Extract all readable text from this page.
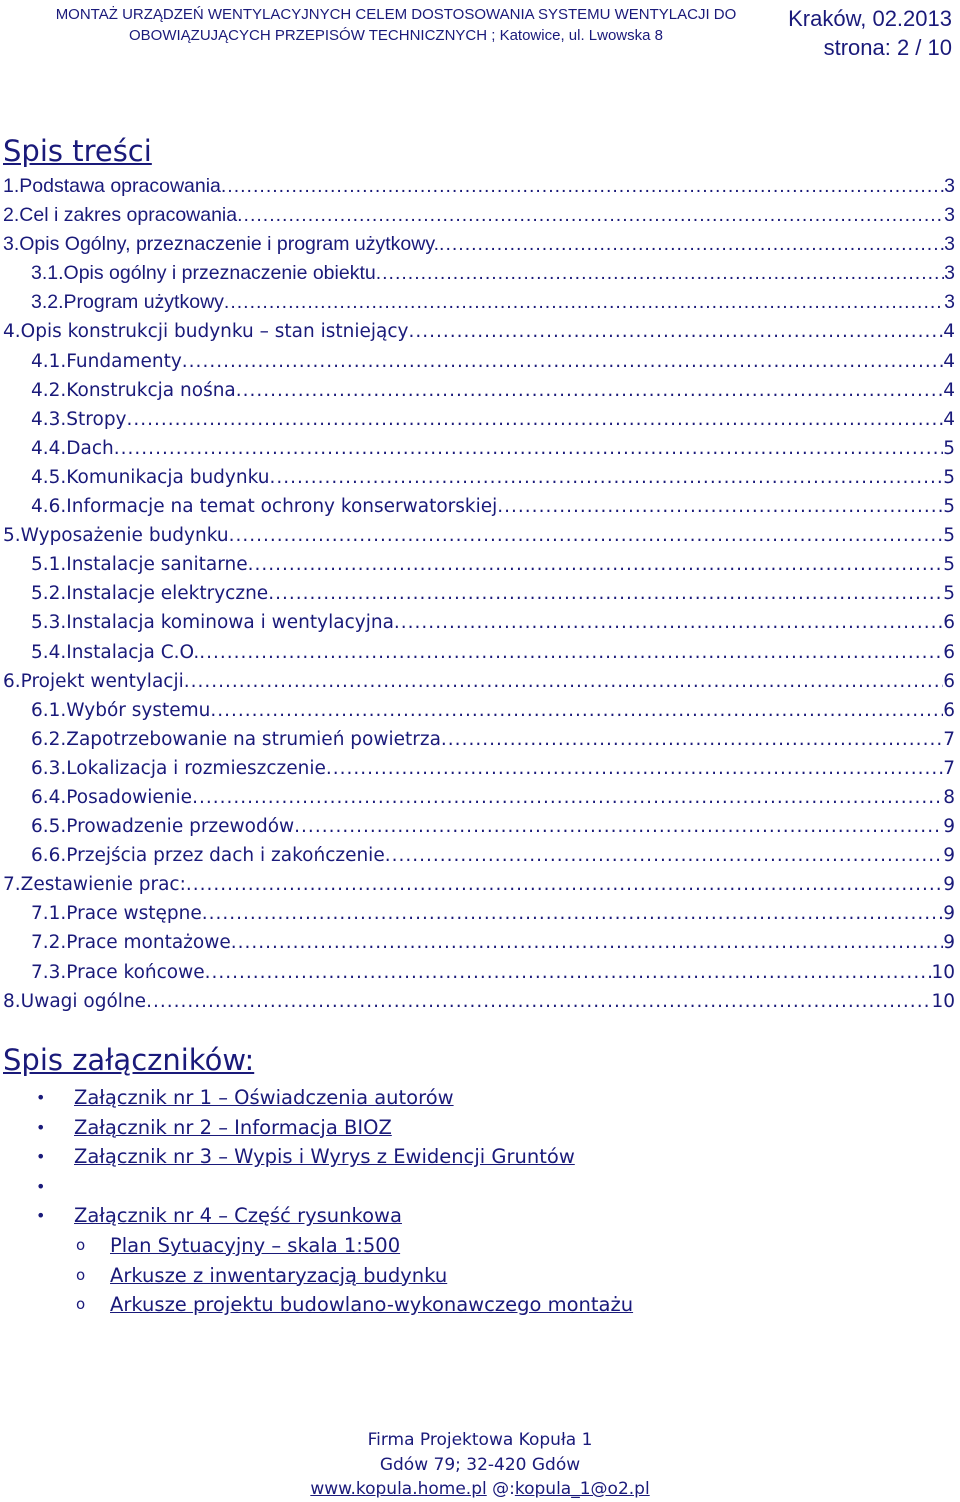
MONTAŻ URZĄDZEŃ WENTYLACYJNYCH CELEM DOSTOSOWANIA SYSTEMU WENTYLACJI DO
OBOWIĄZUJĄCYCH PRZEPISÓW TECHNICZNYCH ; Katowice, ul. Lwowska 8
Kraków, 02.2013
strona: 2 / 10
Spis treści
1.Podstawa opracowania .....	3
2.Cel i zakres opracowania .....	3
3.Opis Ogólny, przeznaczenie i program użytkowy. .....	3
3.1.Opis ogólny i przeznaczenie obiektu .....	3
3.2.Program użytkowy .....	3
4.Opis konstrukcji budynku – stan istniejący .....	4
4.1.Fundamenty .....	4
4.2.Konstrukcja nośna .....	4
4.3.Stropy .....	4
4.4.Dach .....	5
4.5.Komunikacja budynku .....	5
4.6.Informacje na temat ochrony konserwatorskiej .....	5
5.Wyposażenie budynku .....	5
5.1.Instalacje sanitarne .....	5
5.2.Instalacje elektryczne .....	5
5.3.Instalacja kominowa i wentylacyjna .....	6
5.4.Instalacja C.O. .....	6
6.Projekt wentylacji .....	6
6.1.Wybór systemu .....	6
6.2.Zapotrzebowanie na strumień powietrza .....	7
6.3.Lokalizacja i rozmieszczenie .....	7
6.4.Posadowienie .....	8
6.5.Prowadzenie przewodów .....	9
6.6.Przejścia przez dach i zakończenie .....	9
7.Zestawienie prac: .....	9
7.1.Prace wstępne .....	9
7.2.Prace montażowe .....	9
7.3.Prace końcowe .....	10
8.Uwagi ogólne .....	10
Spis załączników:
• Załącznik nr 1 – Oświadczenia autorów
• Załącznik nr 2 – Informacja BIOZ
• Załącznik nr 3 – Wypis i Wyrys z Ewidencji Gruntów
•
• Załącznik nr 4 – Część rysunkowa
o Plan Sytuacyjny – skala 1:500
o Arkusze z inwentaryzacją budynku
o Arkusze projektu budowlano-wykonawczego montażu
Firma Projektowa Kopuła 1
Gdów 79; 32-420 Gdów
www.kopula.home.pl @:kopula_1@o2.pl
